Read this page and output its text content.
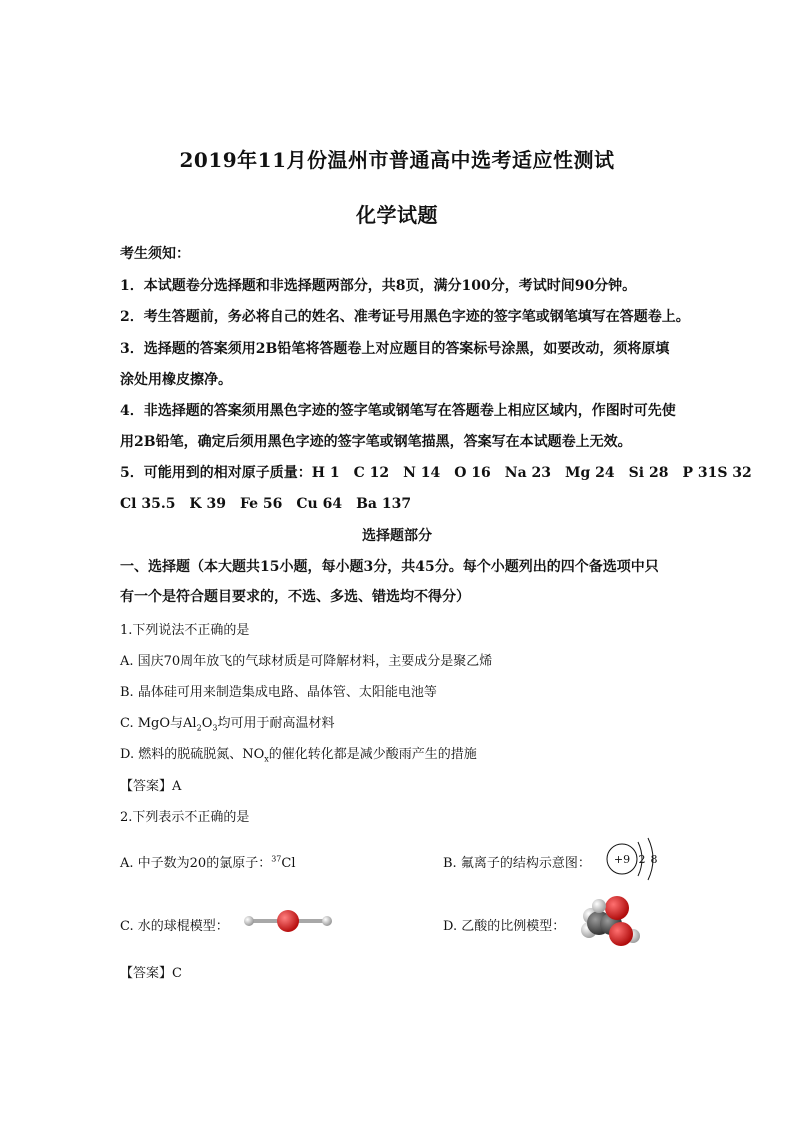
2019年11月份温州市普通高中选考适应性测试
化学试题
考生须知：
1．本试题卷分选择题和非选择题两部分，共8页，满分100分，考试时间90分钟。
2．考生答题前，务必将自己的姓名、准考证号用黑色字迹的签字笔或钢笔填写在答题卷上。
3．选择题的答案须用2B铅笔将答题卷上对应题目的答案标号涂黑，如要改动，须将原填
涂处用橡皮擦净。
4．非选择题的答案须用黑色字迹的签字笔或钢笔写在答题卷上相应区域内，作图时可先使
用2B铅笔，确定后须用黑色字迹的签字笔或钢笔描黑，答案写在本试题卷上无效。
5．可能用到的相对原子质量：H 1　C 12　N 14　O 16　Na 23　Mg 24　Si 28　P 31S 32
Cl 35.5　K 39　Fe 56　Cu 64　Ba 137
选择题部分
一、选择题（本大题共15小题，每小题3分，共45分。每个小题列出的四个备选项中只
有一个是符合题目要求的，不选、多选、错选均不得分）
1.下列说法不正确的是
A. 国庆70周年放飞的气球材质是可降解材料，主要成分是聚乙烯
B. 晶体硅可用来制造集成电路、晶体管、太阳能电池等
C. MgO与$Al_2O_3$均可用于耐高温材料
D. 燃料的脱硫脱氮、$NO_x$的催化转化都是减少酸雨产生的措施
【答案】A
2.下列表示不正确的是
A. 中子数为20的氯原子：$^{37}$Cl	B. 氟离子的结构示意图： +9 2 8
C. 水的球棍模型：	D. 乙酸的比例模型：
【答案】C
